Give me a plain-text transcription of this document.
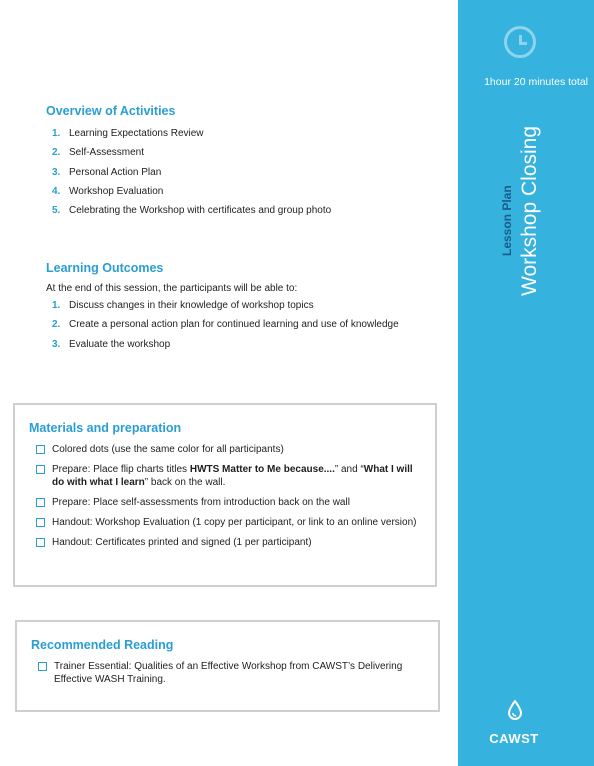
Overview of Activities
1. Learning Expectations Review
2. Self-Assessment
3. Personal Action Plan
4. Workshop Evaluation
5. Celebrating the Workshop with certificates and group photo
Learning Outcomes

At the end of this session, the participants will be able to:

1. Discuss changes in their knowledge of workshop topics
2. Create a personal action plan for continued learning and use of knowledge
3. Evaluate the workshop
Materials and preparation
Colored dots (use the same color for all participants)
Prepare: Place flip charts titles HWTS Matter to Me because....” and “What I will do with what I learn” back on the wall.
Prepare: Place self-assessments from introduction back on the wall
Handout: Workshop Evaluation (1 copy per participant, or link to an online version)
Handout: Certificates printed and signed (1 per participant)
Recommended Reading
Trainer Essential: Qualities of an Effective Workshop from CAWST’s Delivering Effective WASH Training.
1hour 20 minutes total
Lesson Plan Workshop Closing
CAWST
